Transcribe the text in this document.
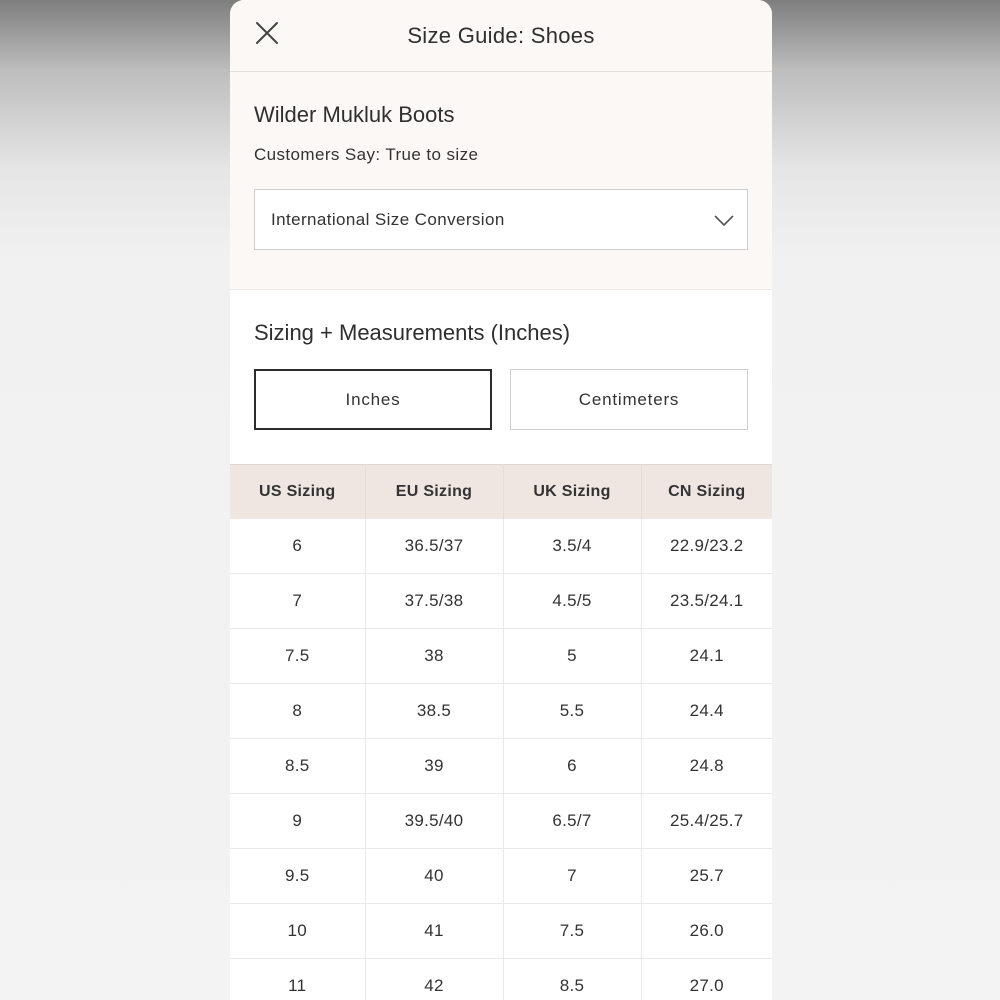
Size Guide: Shoes
Wilder Mukluk Boots
Customers Say: True to size
International Size Conversion
Sizing + Measurements (Inches)
Inches	Centimeters
US Sizing	EU Sizing	UK Sizing	CN Sizing
6	36.5/37	3.5/4	22.9/23.2
7	37.5/38	4.5/5	23.5/24.1
7.5	38	5	24.1
8	38.5	5.5	24.4
8.5	39	6	24.8
9	39.5/40	6.5/7	25.4/25.7
9.5	40	7	25.7
10	41	7.5	26.0
11	42	8.5	27.0
